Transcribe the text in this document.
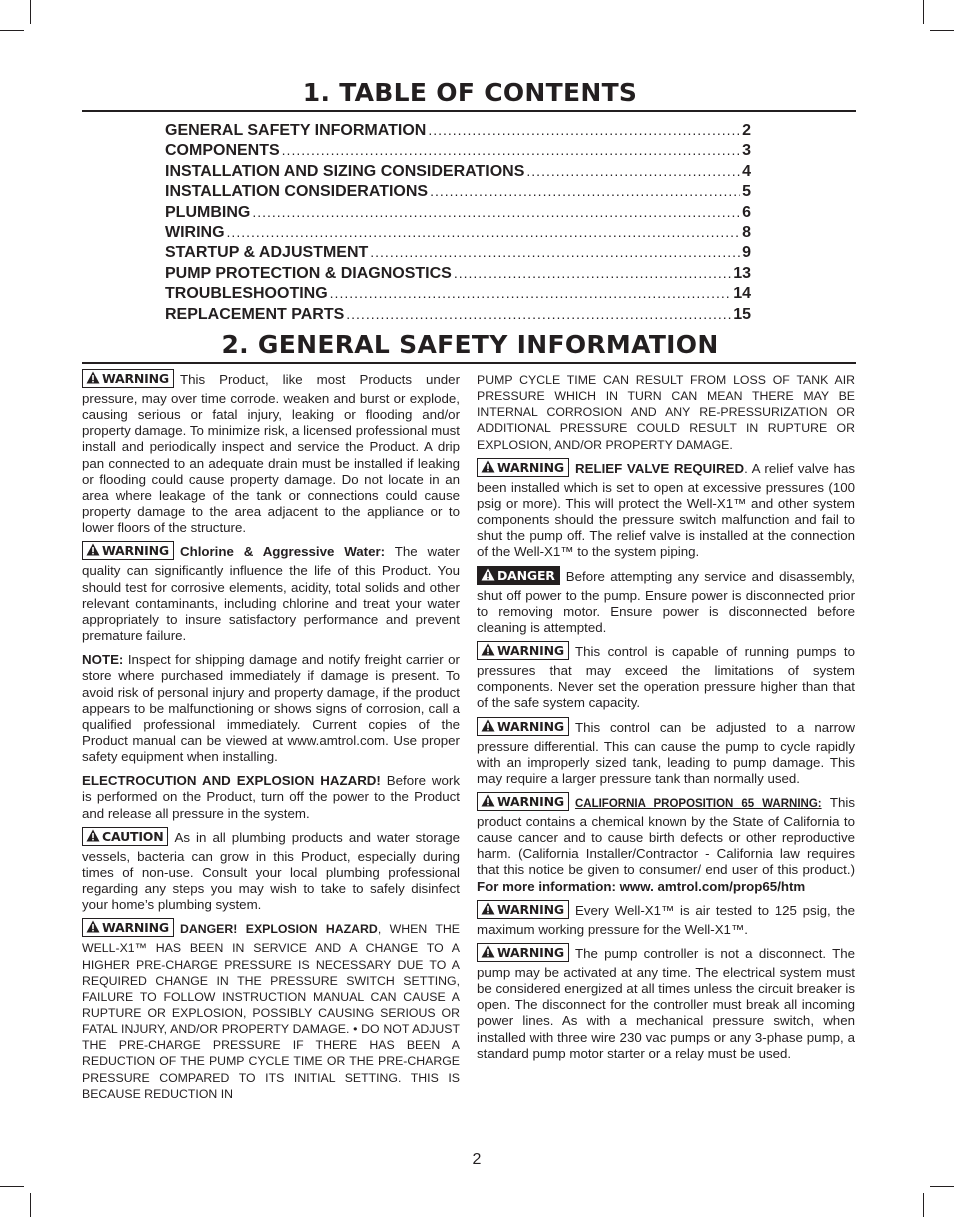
1. TABLE OF CONTENTS
GENERAL SAFETY INFORMATION .....	2
COMPONENTS .....	3
INSTALLATION AND SIZING CONSIDERATIONS .....	4
INSTALLATION CONSIDERATIONS .....	5
PLUMBING .....	6
WIRING .....	8
STARTUP & ADJUSTMENT .....	9
PUMP PROTECTION & DIAGNOSTICS .....	13
TROUBLESHOOTING .....	14
REPLACEMENT PARTS .....	15
2. GENERAL SAFETY INFORMATION

WARNING This Product, like most Products under pressure, may over time corrode. weaken and burst or explode, causing serious or fatal injury, leaking or flooding and/or property damage. To minimize risk, a licensed professional must install and periodically inspect and service the Product. A drip pan connected to an adequate drain must be installed if leaking or flooding could cause property damage. Do not locate in an area where leakage of the tank or connections could cause property damage to the area adjacent to the appliance or to lower floors of the structure.

WARNING Chlorine & Aggressive Water: The water quality can significantly influence the life of this Product. You should test for corrosive elements, acidity, total solids and other relevant contaminants, including chlorine and treat your water appropriately to insure satisfactory performance and prevent premature failure.

NOTE: Inspect for shipping damage and notify freight carrier or store where purchased immediately if damage is present. To avoid risk of personal injury and property damage, if the product appears to be malfunctioning or shows signs of corrosion, call a qualified professional immediately. Current copies of the Product manual can be viewed at www.amtrol.com. Use proper safety equipment when installing.

ELECTROCUTION AND EXPLOSION HAZARD! Before work is performed on the Product, turn off the power to the Product and release all pressure in the system.

CAUTION As in all plumbing products and water storage vessels, bacteria can grow in this Product, especially during times of non-use. Consult your local plumbing professional regarding any steps you may wish to take to safely disinfect your home’s plumbing system.

WARNING DANGER! EXPLOSION HAZARD, WHEN THE WELL-X1™ HAS BEEN IN SERVICE AND A CHANGE TO A HIGHER PRE-CHARGE PRESSURE IS NECESSARY DUE TO A REQUIRED CHANGE IN THE PRESSURE SWITCH SETTING, FAILURE TO FOLLOW INSTRUCTION MANUAL CAN CAUSE A RUPTURE OR EXPLOSION, POSSIBLY CAUSING SERIOUS OR FATAL INJURY, AND/OR PROPERTY DAMAGE. • DO NOT ADJUST THE PRE-CHARGE PRESSURE IF THERE HAS BEEN A REDUCTION OF THE PUMP CYCLE TIME OR THE PRE-CHARGE PRESSURE COMPARED TO ITS INITIAL SETTING. THIS IS BECAUSE REDUCTION IN

PUMP CYCLE TIME CAN RESULT FROM LOSS OF TANK AIR PRESSURE WHICH IN TURN CAN MEAN THERE MAY BE INTERNAL CORROSION AND ANY RE-PRESSURIZATION OR ADDITIONAL PRESSURE COULD RESULT IN RUPTURE OR EXPLOSION, AND/OR PROPERTY DAMAGE.

WARNING RELIEF VALVE REQUIRED. A relief valve has been installed which is set to open at excessive pressures (100 psig or more). This will protect the Well-X1™ and other system components should the pressure switch malfunction and fail to shut the pump off. The relief valve is installed at the connection of the Well-X1™ to the system piping.

DANGER Before attempting any service and disassembly, shut off power to the pump. Ensure power is disconnected prior to removing motor. Ensure power is disconnected before cleaning is attempted.

WARNING This control is capable of running pumps to pressures that may exceed the limitations of system components. Never set the operation pressure higher than that of the safe system capacity.

WARNING This control can be adjusted to a narrow pressure differential. This can cause the pump to cycle rapidly with an improperly sized tank, leading to pump damage. This may require a larger pressure tank than normally used.

WARNING CALIFORNIA PROPOSITION 65 WARNING: This product contains a chemical known by the State of California to cause cancer and to cause birth defects or other reproductive harm. (California Installer/Contractor - California law requires that this notice be given to consumer/ end user of this product.) For more information: www. amtrol.com/prop65/htm

WARNING Every Well-X1™ is air tested to 125 psig, the maximum working pressure for the Well-X1™.

WARNING The pump controller is not a disconnect. The pump may be activated at any time. The electrical system must be considered energized at all times unless the circuit breaker is open. The disconnect for the controller must break all incoming power lines. As with a mechanical pressure switch, when installed with three wire 230 vac pumps or any 3-phase pump, a standard pump motor starter or a relay must be used.

2
